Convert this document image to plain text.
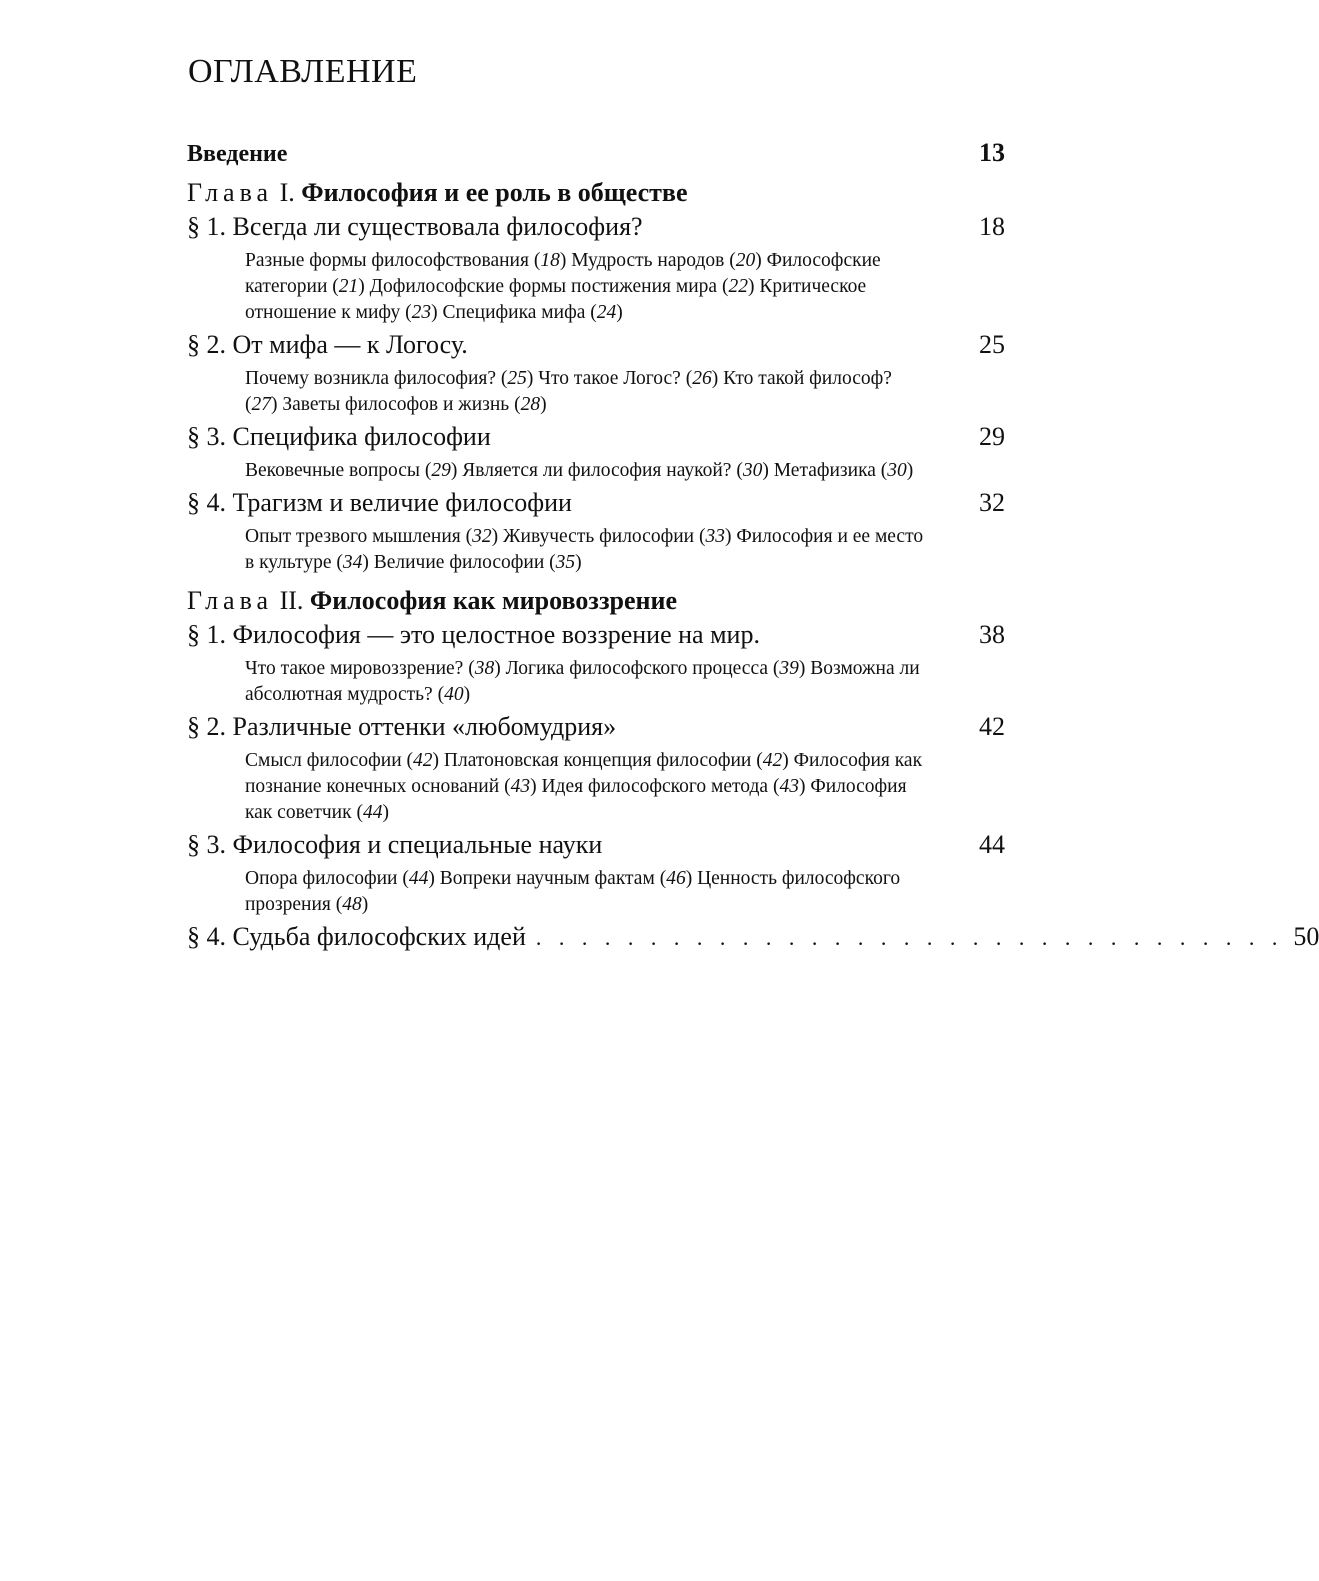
ОГЛАВЛЕНИЕ
Введение	13
Глава I. Философия и ее роль в обществе
§ 1. Всегда ли существовала философия?	18
Разные формы философствования (18) Мудрость народов (20) Философские категории (21) Дофилософские формы постижения мира (22) Критическое отношение к мифу (23) Специфика мифа (24)
§ 2. От мифа — к Логосу.	25
Почему возникла философия? (25) Что такое Логос? (26) Кто такой философ? (27) Заветы философов и жизнь (28)
§ 3. Специфика философии	29
Вековечные вопросы (29) Является ли философия наукой? (30) Метафизика (30)
§ 4. Трагизм и величие философии	32
Опыт трезвого мышления (32) Живучесть философии (33) Философия и ее место в культуре (34) Величие философии (35)
Глава II. Философия как мировоззрение
§ 1. Философия — это целостное воззрение на мир.	38
Что такое мировоззрение? (38) Логика философского процесса (39) Возможна ли абсолютная мудрость? (40)
§ 2. Различные оттенки «любомудрия»	42
Смысл философии (42) Платоновская концепция философии (42) Философия как познание конечных оснований (43) Идея философского метода (43) Философия как советчик (44)
§ 3. Философия и специальные науки	44
Опора философии (44) Вопреки научным фактам (46) Ценность философского прозрения (48)
§ 4. Судьба философских идей . . . . . . . . . . . . . . . . . . . . . . . . . . . . . . . . . 50
